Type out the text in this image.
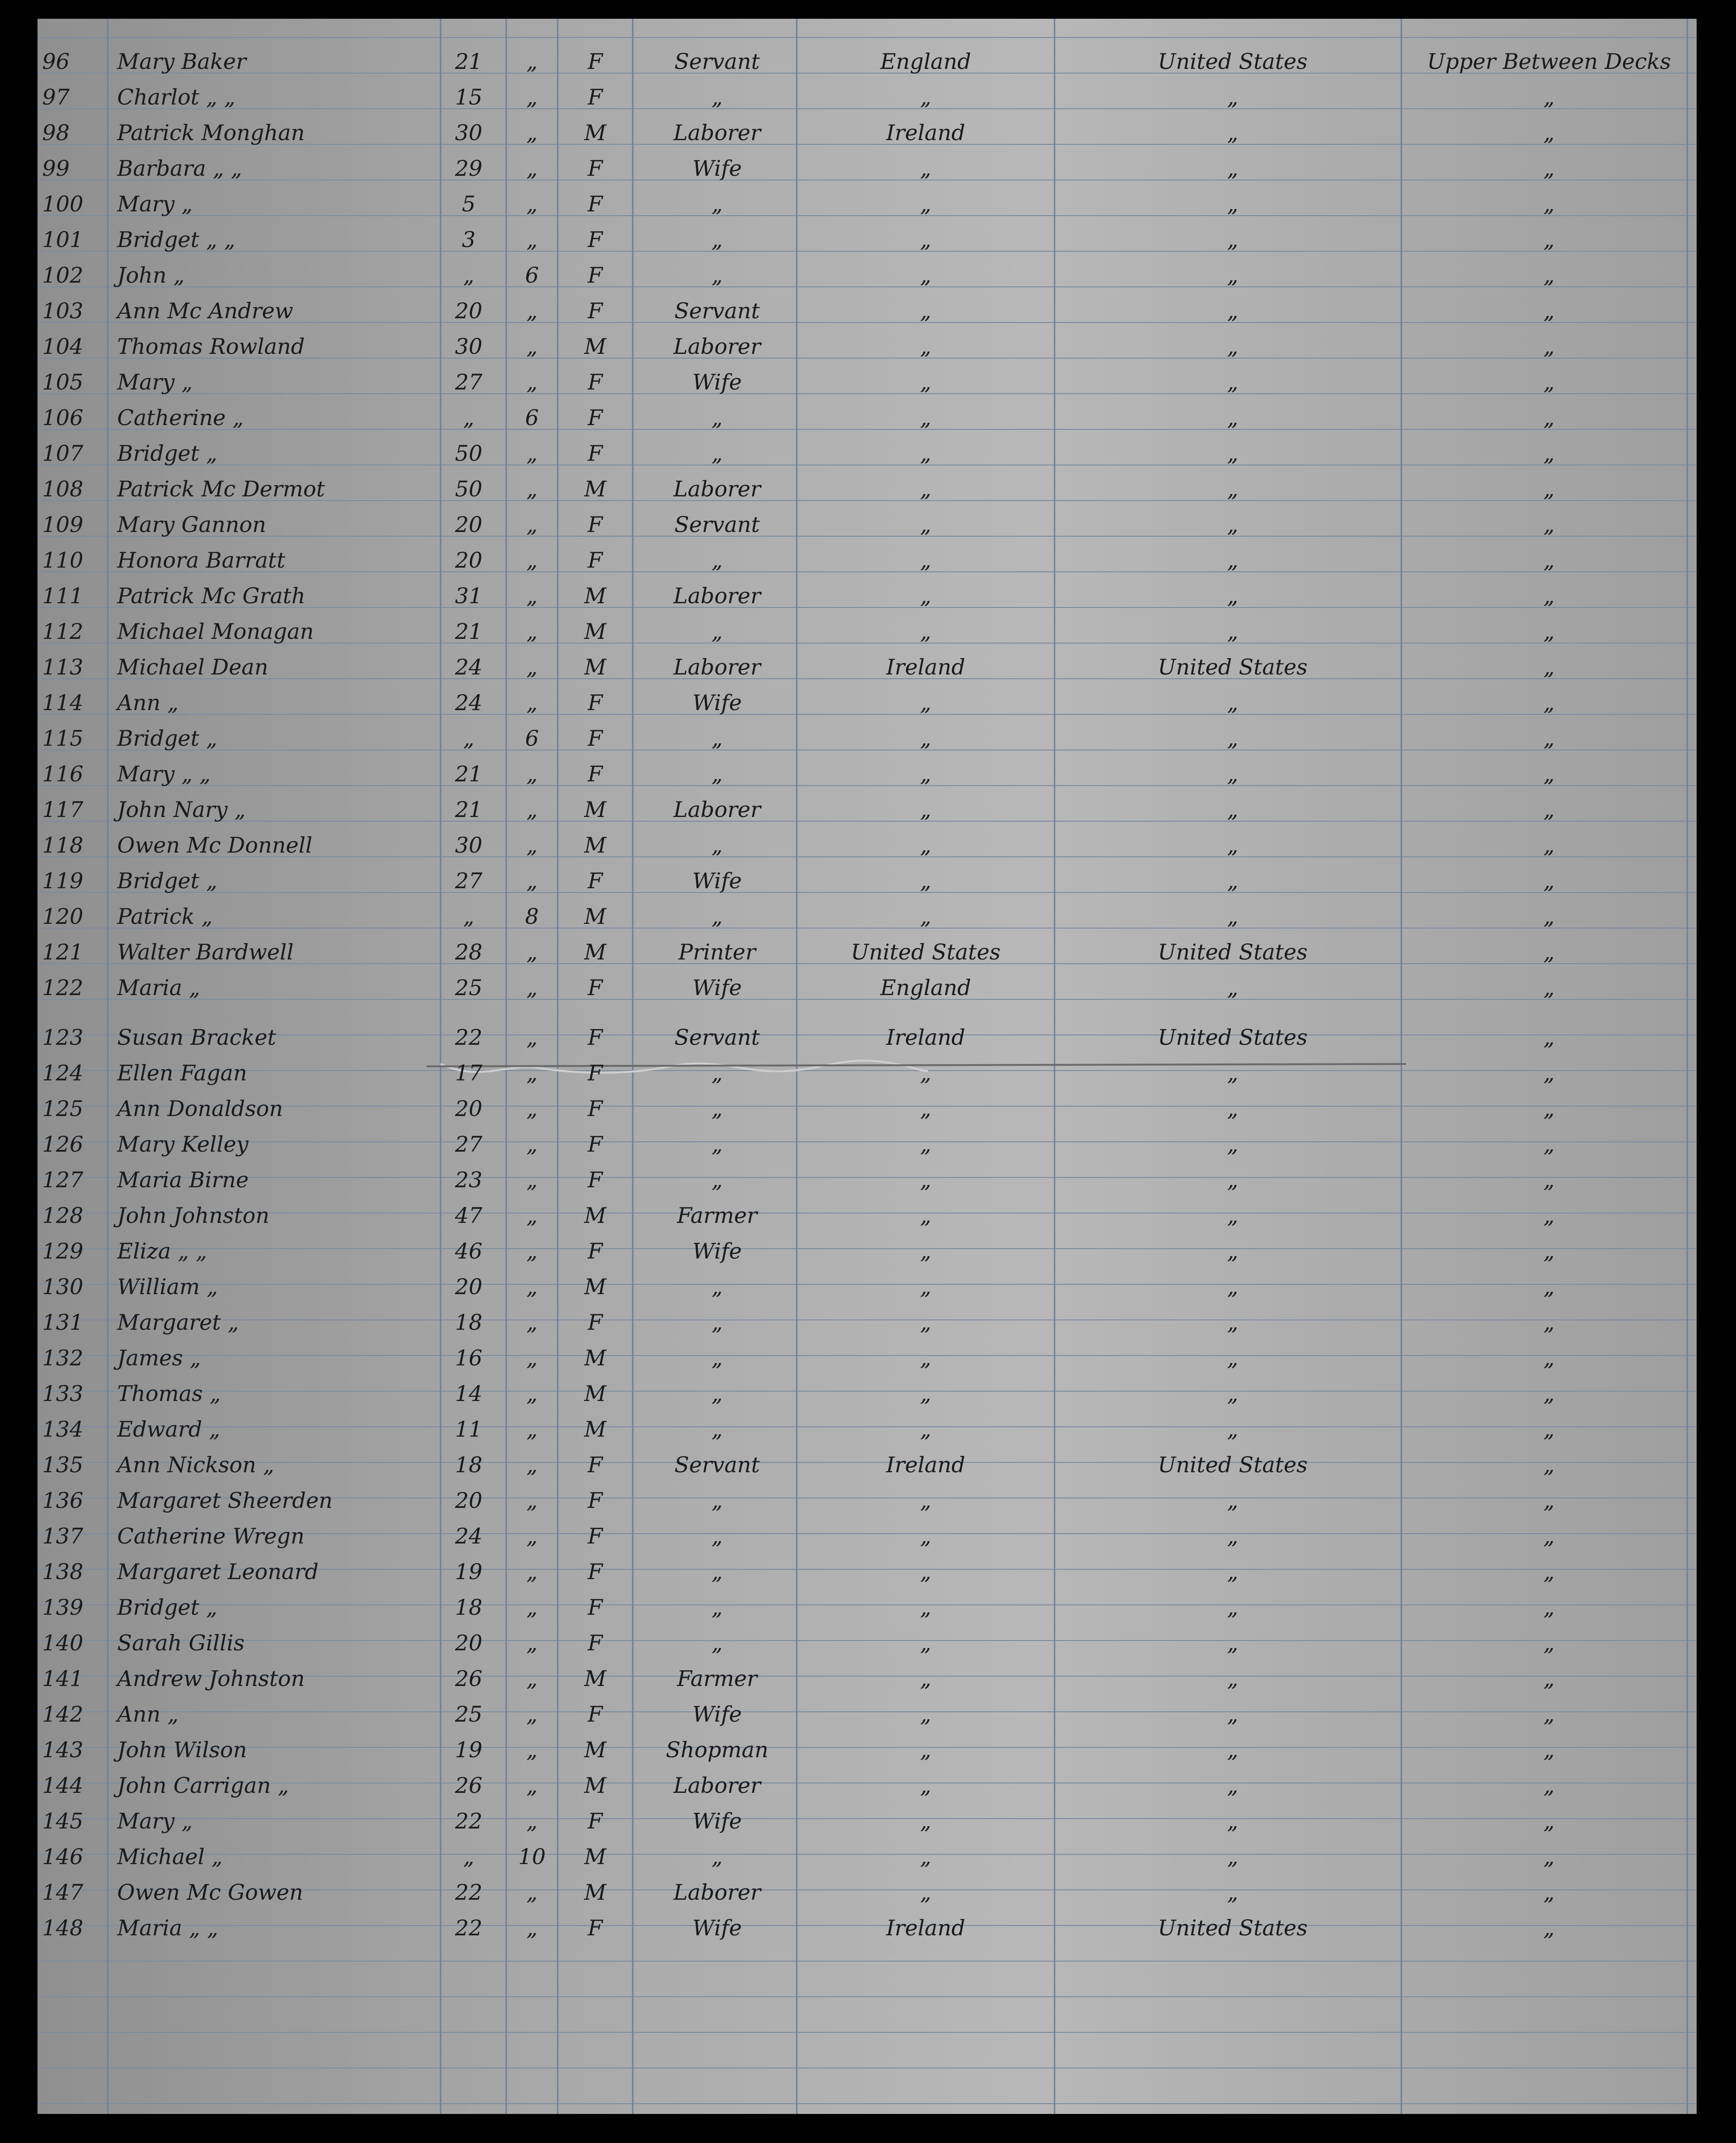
96	Mary Baker	21	„	F	Servant	England	United States	Upper Between Decks
97	Charlot „ „	15	„	F	„	„	„	„
98	Patrick Monghan	30	„	M	Laborer	Ireland	„	„
99	Barbara „ „	29	„	F	Wife	„	„	„
100	Mary „	5	„	F	„	„	„	„
101	Bridget „ „	3	„	F	„	„	„	„
102	John „	„	6	F	„	„	„	„
103	Ann Mc Andrew	20	„	F	Servant	„	„	„
104	Thomas Rowland	30	„	M	Laborer	„	„	„
105	Mary „	27	„	F	Wife	„	„	„
106	Catherine „	„	6	F	„	„	„	„
107	Bridget „	50	„	F	„	„	„	„
108	Patrick Mc Dermot	50	„	M	Laborer	„	„	„
109	Mary Gannon	20	„	F	Servant	„	„	„
110	Honora Barratt	20	„	F	„	„	„	„
111	Patrick Mc Grath	31	„	M	Laborer	„	„	„
112	Michael Monagan	21	„	M	„	„	„	„
113	Michael Dean	24	„	M	Laborer	Ireland	United States	„
114	Ann „	24	„	F	Wife	„	„	„
115	Bridget „	„	6	F	„	„	„	„
116	Mary „ „	21	„	F	„	„	„	„
117	John Nary „	21	„	M	Laborer	„	„	„
118	Owen Mc Donnell	30	„	M	„	„	„	„
119	Bridget „	27	„	F	Wife	„	„	„
120	Patrick „	„	8	M	„	„	„	„
121	Walter Bardwell	28	„	M	Printer	United States	United States	„
122	Maria „	25	„	F	Wife	England	„	„
123	Susan Bracket	22	„	F	Servant	Ireland	United States	„
124	Ellen Fagan	17	„	F	„	„	„	„
125	Ann Donaldson	20	„	F	„	„	„	„
126	Mary Kelley	27	„	F	„	„	„	„
127	Maria Birne	23	„	F	„	„	„	„
128	John Johnston	47	„	M	Farmer	„	„	„
129	Eliza „ „	46	„	F	Wife	„	„	„
130	William „	20	„	M	„	„	„	„
131	Margaret „	18	„	F	„	„	„	„
132	James „	16	„	M	„	„	„	„
133	Thomas „	14	„	M	„	„	„	„
134	Edward „	11	„	M	„	„	„	„
135	Ann Nickson „	18	„	F	Servant	Ireland	United States	„
136	Margaret Sheerden	20	„	F	„	„	„	„
137	Catherine Wregn	24	„	F	„	„	„	„
138	Margaret Leonard	19	„	F	„	„	„	„
139	Bridget „	18	„	F	„	„	„	„
140	Sarah Gillis	20	„	F	„	„	„	„
141	Andrew Johnston	26	„	M	Farmer	„	„	„
142	Ann „	25	„	F	Wife	„	„	„
143	John Wilson	19	„	M	Shopman	„	„	„
144	John Carrigan „	26	„	M	Laborer	„	„	„
145	Mary „	22	„	F	Wife	„	„	„
146	Michael „	„	10	M	„	„	„	„
147	Owen Mc Gowen	22	„	M	Laborer	„	„	„
148	Maria „ „	22	„	F	Wife	Ireland	United States	„
